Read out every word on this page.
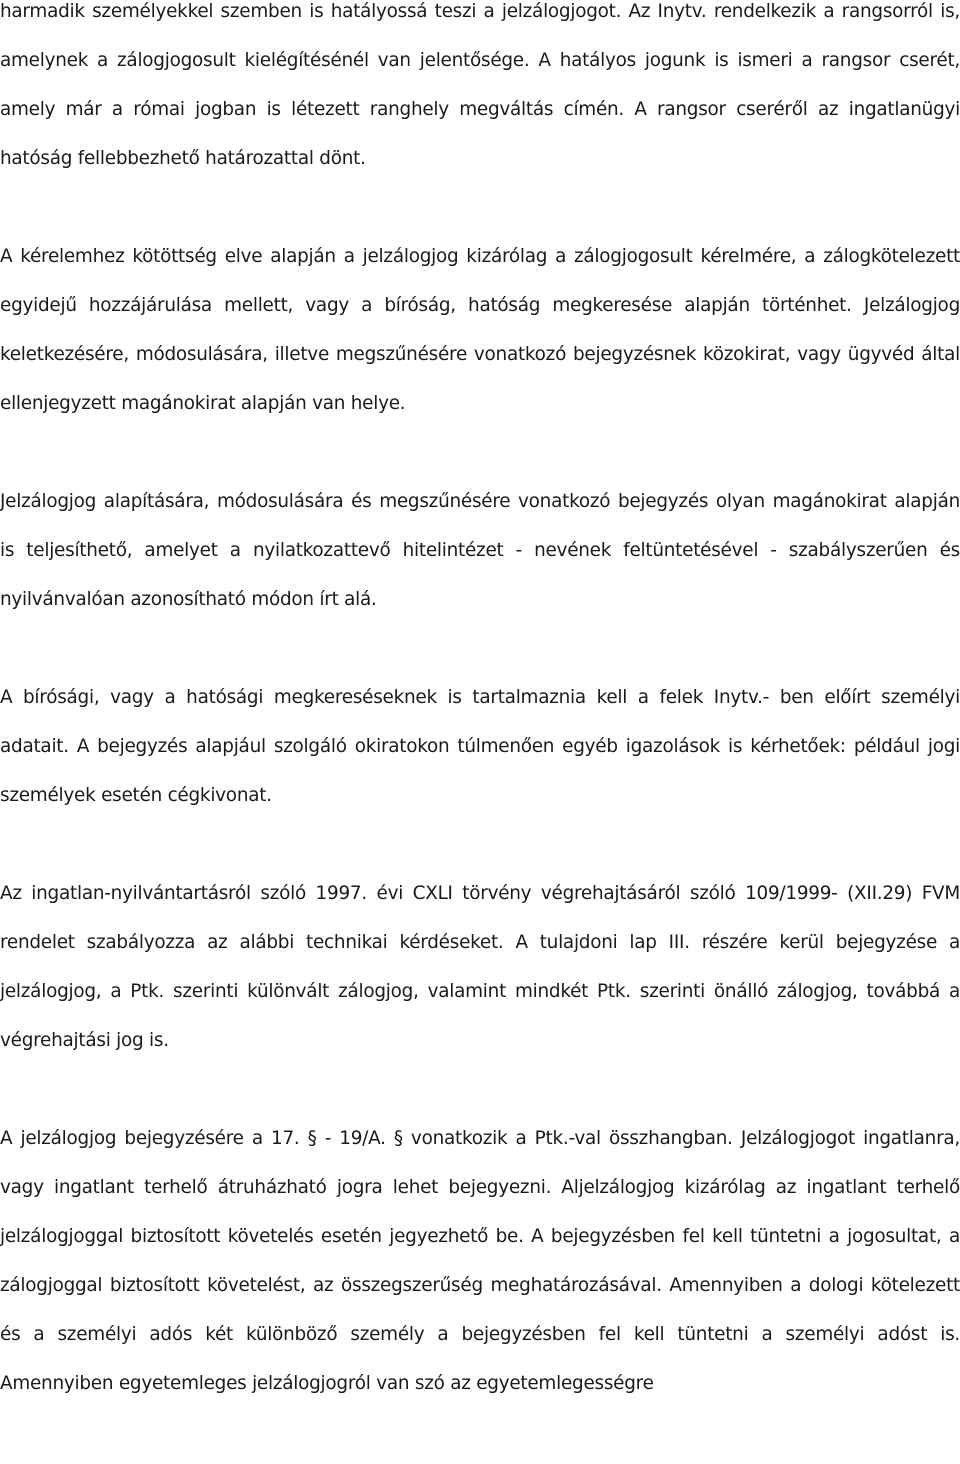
harmadik személyekkel szemben is hatályossá teszi a jelzálogjogot. Az Inytv. rendelkezik a rangsorról is, amelynek a zálogjogosult kielégítésénél van jelentősége. A hatályos jogunk is ismeri a rangsor cserét, amely már a római jogban is létezett ranghely megváltás címén. A rangsor cseréről az ingatlanügyi hatóság fellebbezhető határozattal dönt.

A kérelemhez kötöttség elve alapján a jelzálogjog kizárólag a zálogjogosult kérelmére, a zálogkötelezett egyidejű hozzájárulása mellett, vagy a bíróság, hatóság megkeresése alapján történhet. Jelzálogjog keletkezésére, módosulására, illetve megszűnésére vonatkozó bejegyzésnek közokirat, vagy ügyvéd által ellenjegyzett magánokirat alapján van helye.

Jelzálogjog alapítására, módosulására és megszűnésére vonatkozó bejegyzés olyan magánokirat alapján is teljesíthető, amelyet a nyilatkozattevő hitelintézet - nevének feltüntetésével - szabályszerűen és nyilvánvalóan azonosítható módon írt alá.

A bírósági, vagy a hatósági megkereséseknek is tartalmaznia kell a felek Inytv.- ben előírt személyi adatait. A bejegyzés alapjául szolgáló okiratokon túlmenően egyéb igazolások is kérhetőek: például jogi személyek esetén cégkivonat.

Az ingatlan-nyilvántartásról szóló 1997. évi CXLI törvény végrehajtásáról szóló 109/1999- (XII.29) FVM rendelet szabályozza az alábbi technikai kérdéseket. A tulajdoni lap III. részére kerül bejegyzése a jelzálogjog, a Ptk. szerinti különvált zálogjog, valamint mindkét Ptk. szerinti önálló zálogjog, továbbá a végrehajtási jog is.

A jelzálogjog bejegyzésére a 17. § - 19/A. § vonatkozik a Ptk.-val összhangban. Jelzálogjogot ingatlanra, vagy ingatlant terhelő átruházható jogra lehet bejegyezni. Aljelzálogjog kizárólag az ingatlant terhelő jelzálogjoggal biztosított követelés esetén jegyezhető be. A bejegyzésben fel kell tüntetni a jogosultat, a zálogjoggal biztosított követelést, az összegszerűség meghatározásával. Amennyiben a dologi kötelezett és a személyi adós két különböző személy a bejegyzésben fel kell tüntetni a személyi adóst is. Amennyiben egyetemleges jelzálogjogról van szó az egyetemlegességre
